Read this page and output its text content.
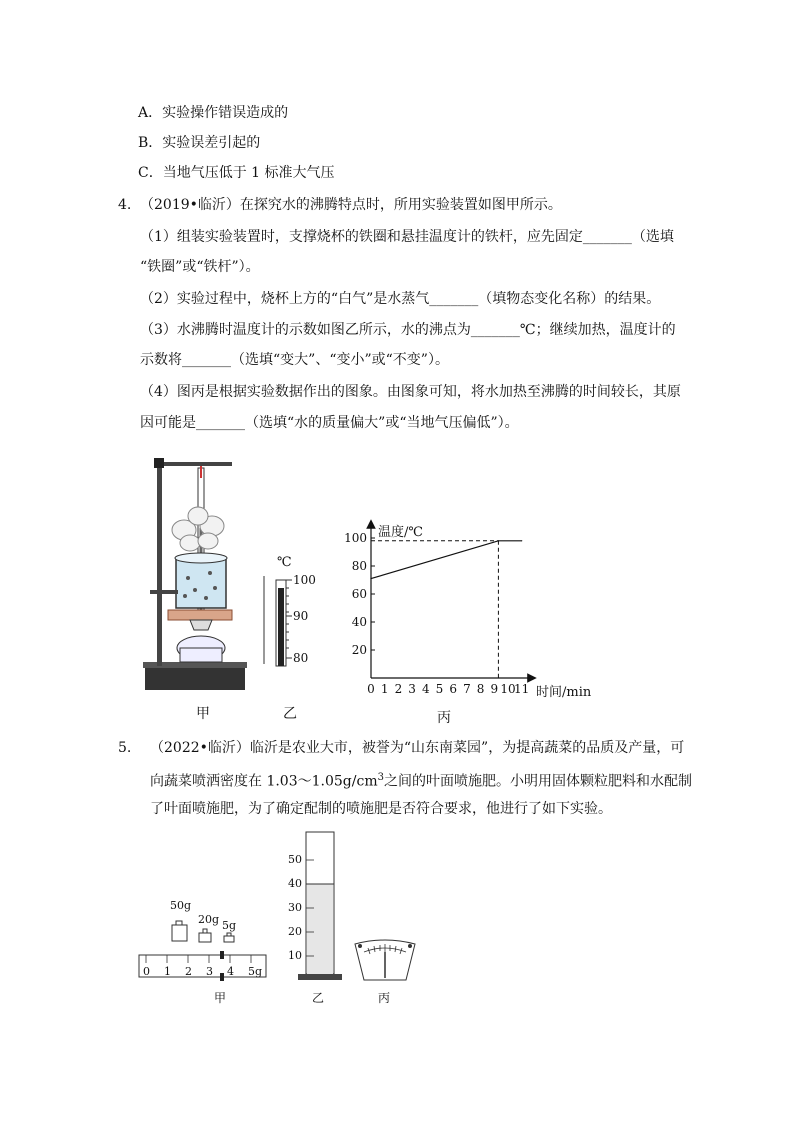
A．实验操作错误造成的
B．实验误差引起的
C．当地气压低于 1 标准大气压
4. （2019•临沂）在探究水的沸腾特点时，所用实验装置如图甲所示。
（1）组装实验装置时，支撑烧杯的铁圈和悬挂温度计的铁杆，应先固定_______（选填
“铁圈”或“铁杆”）。
（2）实验过程中，烧杯上方的“白气”是水蒸气_______（填物态变化名称）的结果。
（3）水沸腾时温度计的示数如图乙所示，水的沸点为_______℃；继续加热，温度计的
示数将_______（选填“变大”、“变小”或“不变”）。
（4）图丙是根据实验数据作出的图象。由图象可知，将水加热至沸腾的时间较长，其原
因可能是_______（选填“水的质量偏大”或“当地气压偏低”）。
甲
℃
100
90
80
乙
温度/℃
时间/min
0 1 2 3 4 5 6 7 8 9 10
11
20
40
60
80
100
丙
5. （2022•临沂）临沂是农业大市，被誉为“山东南菜园”，为提高蔬菜的品质及产量，可
向蔬菜喷洒密度在 $1.03\sim 1.05g/cm^3$之间的叶面喷施肥。小明用固体颗粒肥料和水配制
了叶面喷施肥，为了确定配制的喷施肥是否符合要求，他进行了如下实验。
50g
20g 5g
0 1 2 3 4 5g
甲
50
40
30
20
10
乙	丙
